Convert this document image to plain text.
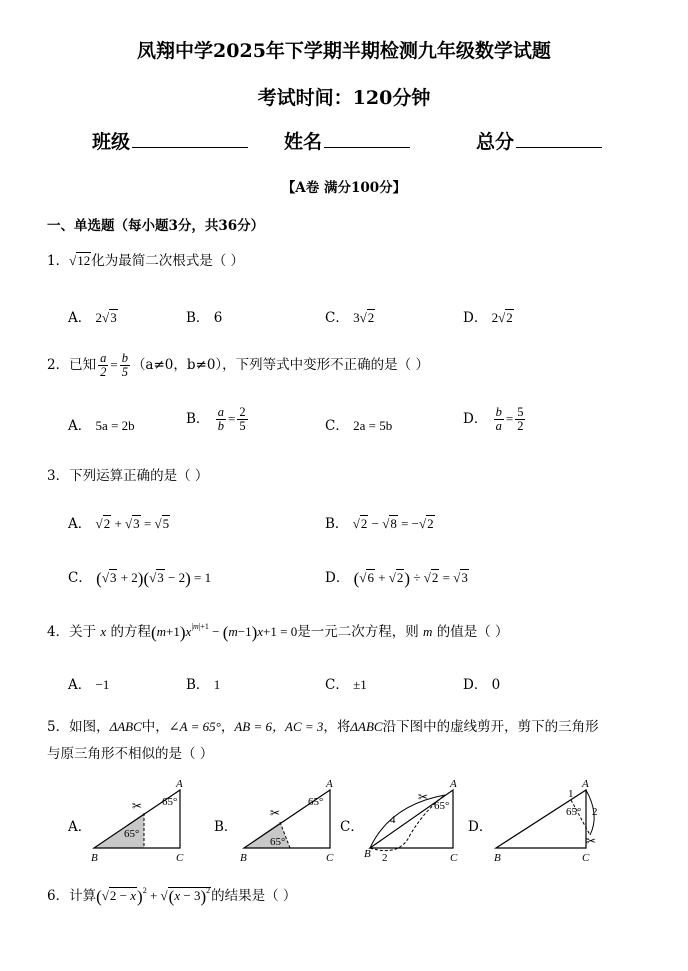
凤翔中学2025年下学期半期检测九年级数学试题
考试时间：120分钟
班级	姓名	总分
【A卷 满分100分】
一、单选题（每小题3分，共36分）
1．√12化为最简二次根式是（ ）
A． 2√3	B． 6	C． 3√2	D． 2√2
2．已知 $\frac{a}{2} = \frac{b}{5} (a\ne 0$，b≠0），下列等式中变形不正确的是（ ）
A． 5a = 2b	B． $\frac{a}{b} = \frac{2}{5}$	C． 2a = 5b	D． $\frac{b}{a} = \frac{5}{2}$
3．下列运算正确的是（ ）
A． √2 + √3 = √5	B． √2 − √8 = −√2
C． (√3 + 2)(√3 − 2) = 1	D． (√6 + √2) ÷ √2 = √3
4．关于 x 的方程$(m+1)x^{|m|+1} - (m-1)x+1 = 0$是一元二次方程，则 m 的值是（ ）
A． −1	B． 1	C． ±1	D． 0
5．如图，ΔABC中，∠A = 65°，AB = 6，AC = 3，将ΔABC沿下图中的虚线剪开，剪下的三角形
与原三角形不相似的是（ ）
A．	B．	C．	D．
✂
65°
65°
A
B	C
✂
65°
65°
A
B	C
✂
4
65°
2
A
B	C
✂
1
65° 2
A
B	C
6．计算$(√2 - x)^2 + √(x - 3)^2$的结果是（ ）
